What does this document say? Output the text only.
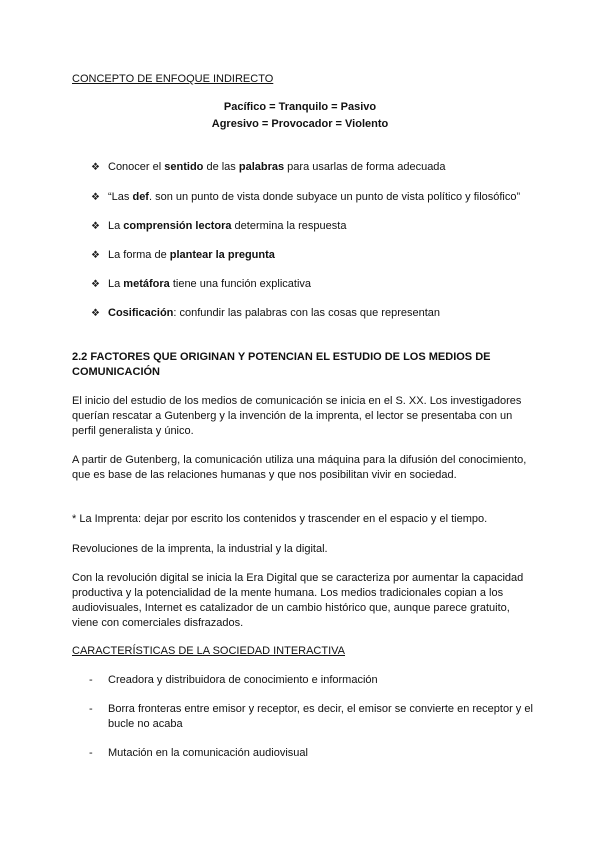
CONCEPTO DE ENFOQUE INDIRECTO
Pacífico = Tranquilo = Pasivo
Agresivo = Provocador = Violento
❖ Conocer el sentido de las palabras para usarlas de forma adecuada
❖ “Las def. son un punto de vista donde subyace un punto de vista político y filosófico”
❖ La comprensión lectora determina la respuesta
❖ La forma de plantear la pregunta
❖ La metáfora tiene una función explicativa
❖ Cosificación: confundir las palabras con las cosas que representan
2.2 FACTORES QUE ORIGINAN Y POTENCIAN EL ESTUDIO DE LOS MEDIOS DE COMUNICACIÓN
El inicio del estudio de los medios de comunicación se inicia en el S. XX. Los investigadores querían rescatar a Gutenberg y la invención de la imprenta, el lector se presentaba con un perfil generalista y único.
A partir de Gutenberg, la comunicación utiliza una máquina para la difusión del conocimiento, que es base de las relaciones humanas y que nos posibilitan vivir en sociedad.
* La Imprenta: dejar por escrito los contenidos y trascender en el espacio y el tiempo.
Revoluciones de la imprenta, la industrial y la digital.
Con la revolución digital se inicia la Era Digital que se caracteriza por aumentar la capacidad productiva y la potencialidad de la mente humana. Los medios tradicionales copian a los audiovisuales, Internet es catalizador de un cambio histórico que, aunque parece gratuito, viene con comerciales disfrazados.
CARACTERÍSTICAS DE LA SOCIEDAD INTERACTIVA
- Creadora y distribuidora de conocimiento e información
- Borra fronteras entre emisor y receptor, es decir, el emisor se convierte en receptor y el bucle no acaba
- Mutación en la comunicación audiovisual
